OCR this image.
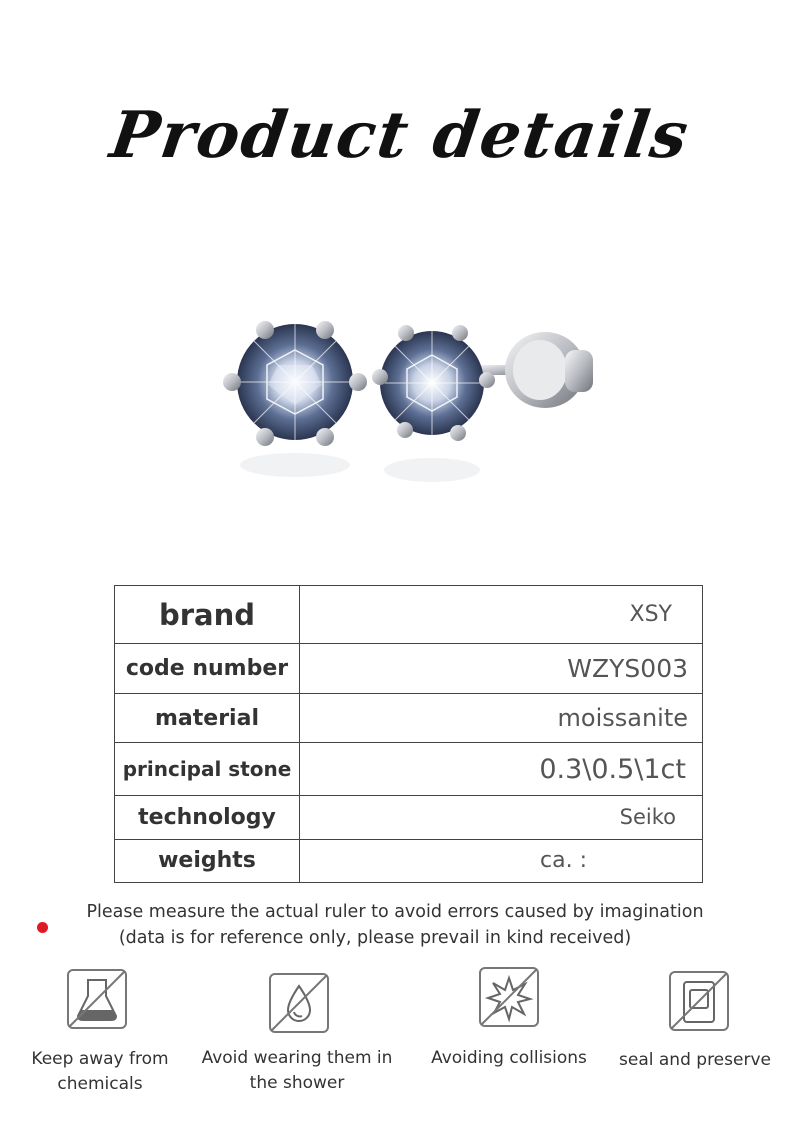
Product details
brand	XSY
code number	WZYS003
material	moissanite
principal stone	0.3\0.5\1ct
technology	Seiko
weights	ca. :
Please measure the actual ruler to avoid errors caused by imagination
(data is for reference only, please prevail in kind received)
Keep away from chemicals
Avoid wearing them in the shower
Avoiding collisions	seal and preserve
